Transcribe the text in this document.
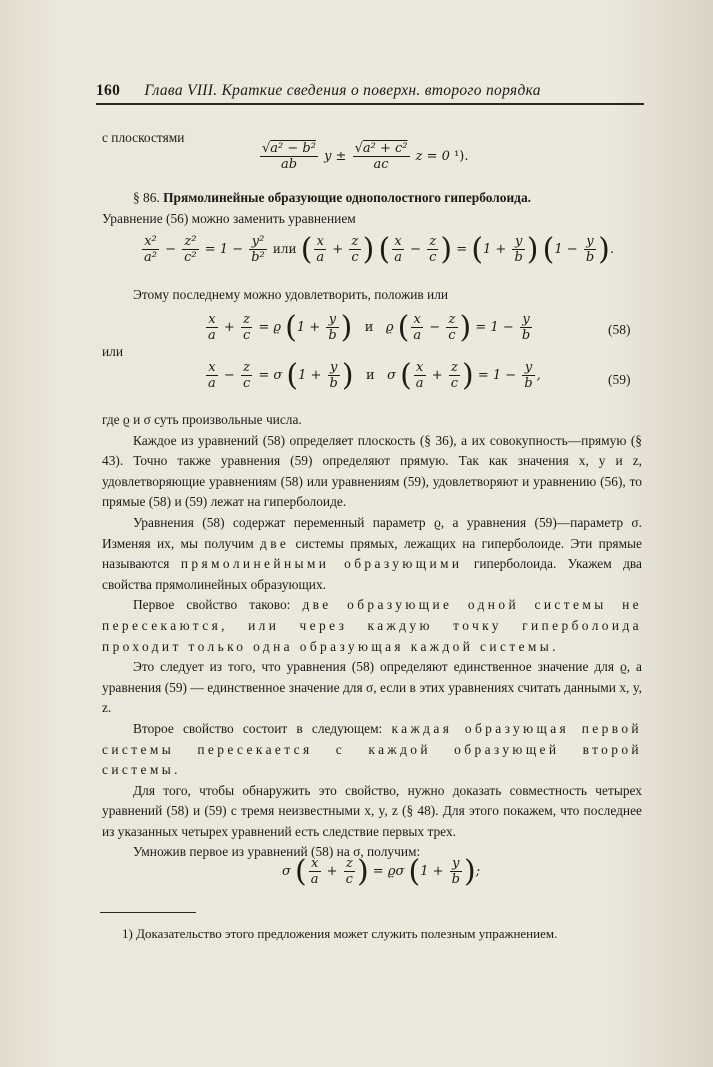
160 Глава VIII. Краткие сведения о поверхн. второго порядка

с плоскостями

$\frac{\text{√a² − b²}}{ab}$ $y \pm \frac{\text{√a² + c²}}{ac}$ z = 0 ¹).

§ 86. Прямолинейные образующие однополостного гиперболоида.

Уравнение (56) можно заменить уравнением

$\frac{\text{x²}}{\text{a²}} - \frac{\text{z²}}{\text{c²}} = 1 - \frac{\text{y²}}{\text{b²}}$ или ( $\frac{x}{a} + \frac{z}{c}$ ) ( $\frac{x}{a} - \frac{z}{c}$ ) = ($1 + \frac{y}{b}$ ) ($1 - \frac{y}{b}$ ).

Этому последнему можно удовлетворить, положив или

$\frac{x}{a} + \frac{z}{c} = ϱ$ ($1 + \frac{y}{b}$ ) и   ϱ ( $\frac{x}{a} - \frac{z}{c}$ ) = $1 - \frac{y}{b}$	(58)

или

$\frac{x}{a} - \frac{z}{c} = \sigma$ ($1 + \frac{y}{b}$ ) и   σ ( $\frac{x}{a} + \frac{z}{c}$ ) = $1 - \frac{y}{b}$ ,	(59)

где ϱ и σ суть произвольные числа.

Каждое из уравнений (58) определяет плоскость (§ 36), а их совокупность—прямую (§ 43). Точно также уравнения (59) определяют прямую. Так как значения x, y и z, удовлетворяющие уравнениям (58) или уравнениям (59), удовлетворяют и уравнению (56), то прямые (58) и (59) лежат на гиперболоиде.

Уравнения (58) содержат переменный параметр ϱ, а уравнения (59)—параметр σ. Изменяя их, мы получим две системы прямых, лежащих на гиперболоиде. Эти прямые называются прямолинейными образующими гиперболоида. Укажем два свойства прямолинейных образующих.

Первое свойство таково: две образующие одной системы не пересекаются, или через каждую точку гиперболоида проходит только одна образующая каждой системы.

Это следует из того, что уравнения (58) определяют единственное значение для ϱ, а уравнения (59) — единственное значение для σ, если в этих уравнениях считать данными x, y, z.

Второе свойство состоит в следующем: каждая образующая первой системы пересекается с каждой образующей второй системы.

Для того, чтобы обнаружить это свойство, нужно доказать совместность четырех уравнений (58) и (59) с тремя неизвестными x, y, z (§ 48). Для этого покажем, что последнее из указанных четырех уравнений есть следствие первых трех.

Умножив первое из уравнений (58) на σ, получим:

σ ( $\frac{x}{a} + \frac{z}{c}$ ) = ϱσ ($1 + \frac{y}{b}$ );
1) Доказательство этого предложения может служить полезным упражнением.
